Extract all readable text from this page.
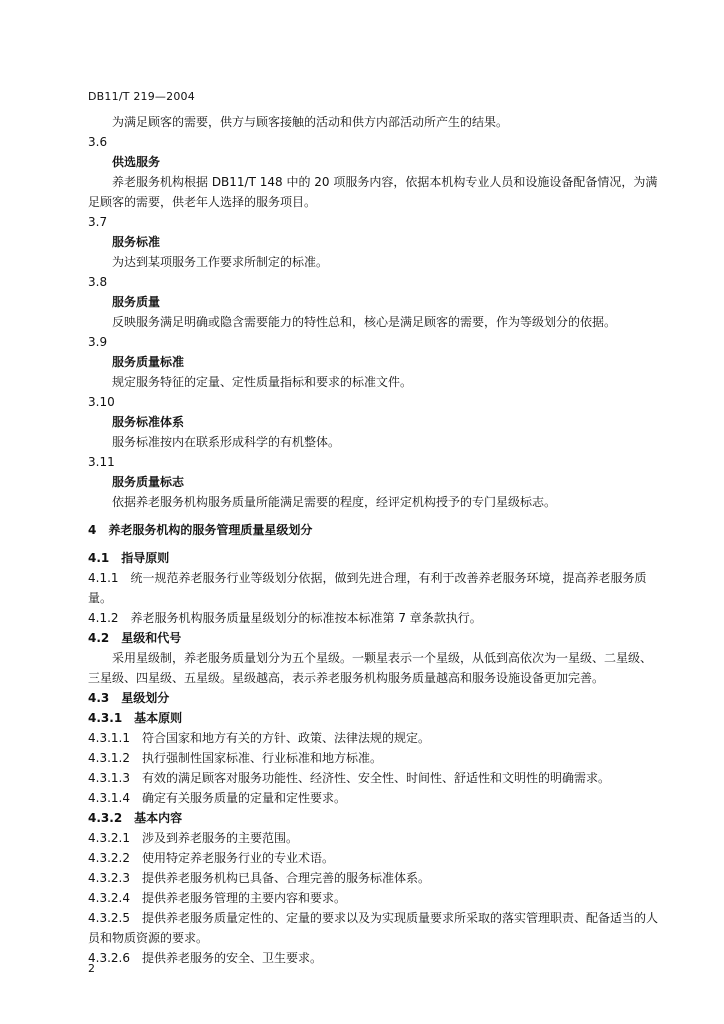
DB11/T 219—2004
为满足顾客的需要，供方与顾客接触的活动和供方内部活动所产生的结果。
3.6
供选服务
养老服务机构根据 DB11/T 148 中的 20 项服务内容，依据本机构专业人员和设施设备配备情况，为满足顾客的需要，供老年人选择的服务项目。
3.7
服务标准
为达到某项服务工作要求所制定的标准。
3.8
服务质量
反映服务满足明确或隐含需要能力的特性总和，核心是满足顾客的需要，作为等级划分的依据。
3.9
服务质量标准
规定服务特征的定量、定性质量指标和要求的标准文件。
3.10
服务标准体系
服务标准按内在联系形成科学的有机整体。
3.11
服务质量标志
依据养老服务机构服务质量所能满足需要的程度，经评定机构授予的专门星级标志。
4　养老服务机构的服务管理质量星级划分
4.1　指导原则
4.1.1　统一规范养老服务行业等级划分依据，做到先进合理，有利于改善养老服务环境，提高养老服务质量。
4.1.2　养老服务机构服务质量星级划分的标准按本标准第 7 章条款执行。
4.2　星级和代号
采用星级制，养老服务质量划分为五个星级。一颗星表示一个星级，从低到高依次为一星级、二星级、三星级、四星级、五星级。星级越高，表示养老服务机构服务质量越高和服务设施设备更加完善。
4.3　星级划分
4.3.1　基本原则
4.3.1.1　符合国家和地方有关的方针、政策、法律法规的规定。
4.3.1.2　执行强制性国家标准、行业标准和地方标准。
4.3.1.3　有效的满足顾客对服务功能性、经济性、安全性、时间性、舒适性和文明性的明确需求。
4.3.1.4　确定有关服务质量的定量和定性要求。
4.3.2　基本内容
4.3.2.1　涉及到养老服务的主要范围。
4.3.2.2　使用特定养老服务行业的专业术语。
4.3.2.3　提供养老服务机构已具备、合理完善的服务标准体系。
4.3.2.4　提供养老服务管理的主要内容和要求。
4.3.2.5　提供养老服务质量定性的、定量的要求以及为实现质量要求所采取的落实管理职责、配备适当的人员和物质资源的要求。
4.3.2.6　提供养老服务的安全、卫生要求。
2
